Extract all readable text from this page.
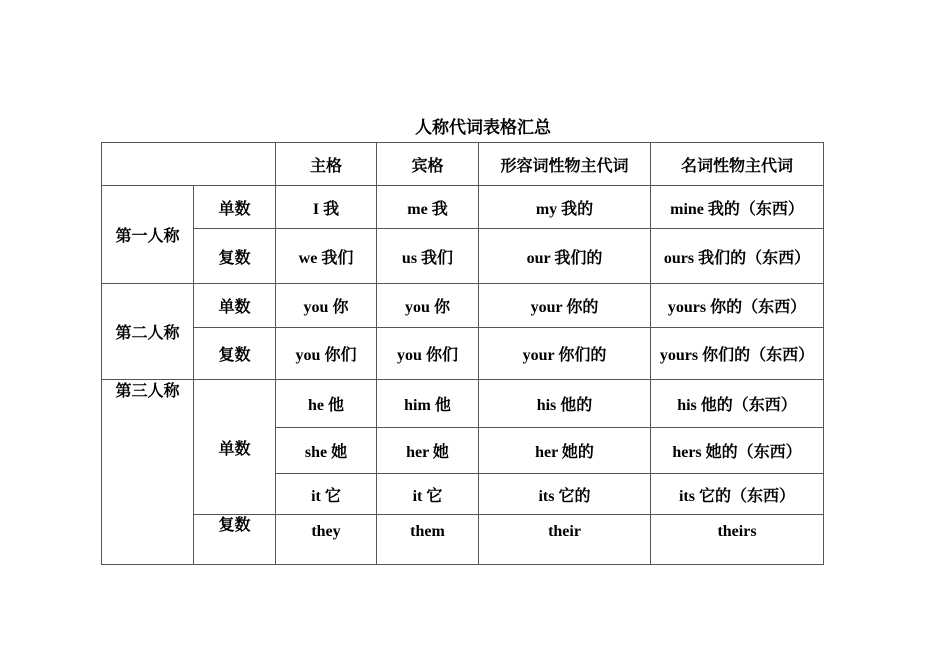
人称代词表格汇总
		主格	宾格	形容词性物主代词	名词性物主代词
第一人称	单数	I 我	me 我	my 我的	mine 我的（东西）
	复数	we 我们	us 我们	our 我们的	ours 我们的（东西）
第二人称	单数	you 你	you 你	your 你的	yours 你的（东西）
	复数	you 你们	you 你们	your 你们的	yours 你们的（东西）
第三人称	单数	he 他	him 他	his 他的	his 他的（东西）
		she 她	her 她	her 她的	hers 她的（东西）
		it 它	it 它	its 它的	its 它的（东西）
	复数	they	them	their	theirs
